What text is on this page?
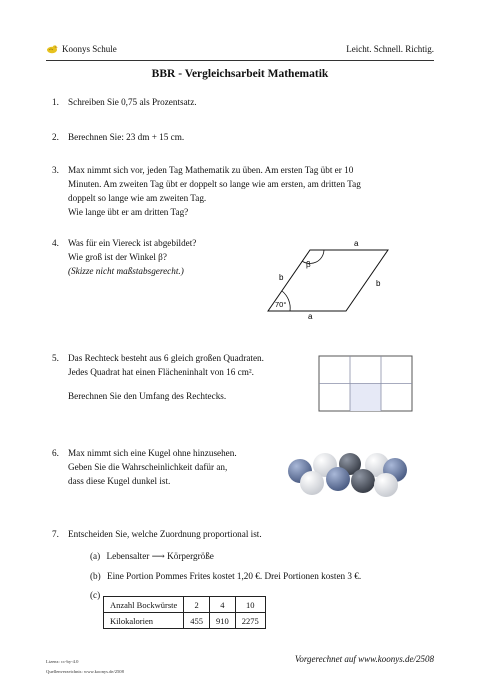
Koonys Schule	Leicht. Schnell. Richtig.
BBR - Vergleichsarbeit Mathematik
1. Schreiben Sie 0,75 als Prozentsatz.
2. Berechnen Sie: 23 dm + 15 cm.
3. Max nimmt sich vor, jeden Tag Mathematik zu üben. Am ersten Tag übt er 10
Minuten. Am zweiten Tag übt er doppelt so lange wie am ersten, am dritten Tag
doppelt so lange wie am zweiten Tag.
Wie lange übt er am dritten Tag?
4. Was für ein Viereck ist abgebildet?
Wie groß ist der Winkel β?
(Skizze nicht maßstabsgerecht.)
a
a
b
b
β
70°
5. Das Rechteck besteht aus 6 gleich großen Quadraten.
Jedes Quadrat hat einen Flächeninhalt von 16 cm².
Berechnen Sie den Umfang des Rechtecks.
6. Max nimmt sich eine Kugel ohne hinzusehen.
Geben Sie die Wahrscheinlichkeit dafür an,
dass diese Kugel dunkel ist.
7. Entscheiden Sie, welche Zuordnung proportional ist.
(a) Lebensalter ⟶ Körpergröße
(b) Eine Portion Pommes Frites kostet 1,20 €. Drei Portionen kosten 3 €.
(c)
Anzahl Bockwürste	2	4	10
Kilokalorien	455	910	2275
Lizenz: cc-by-4.0
Quellenverzeichnis: www.koonys.de/2508
Vorgerechnet auf www.koonys.de/2508
